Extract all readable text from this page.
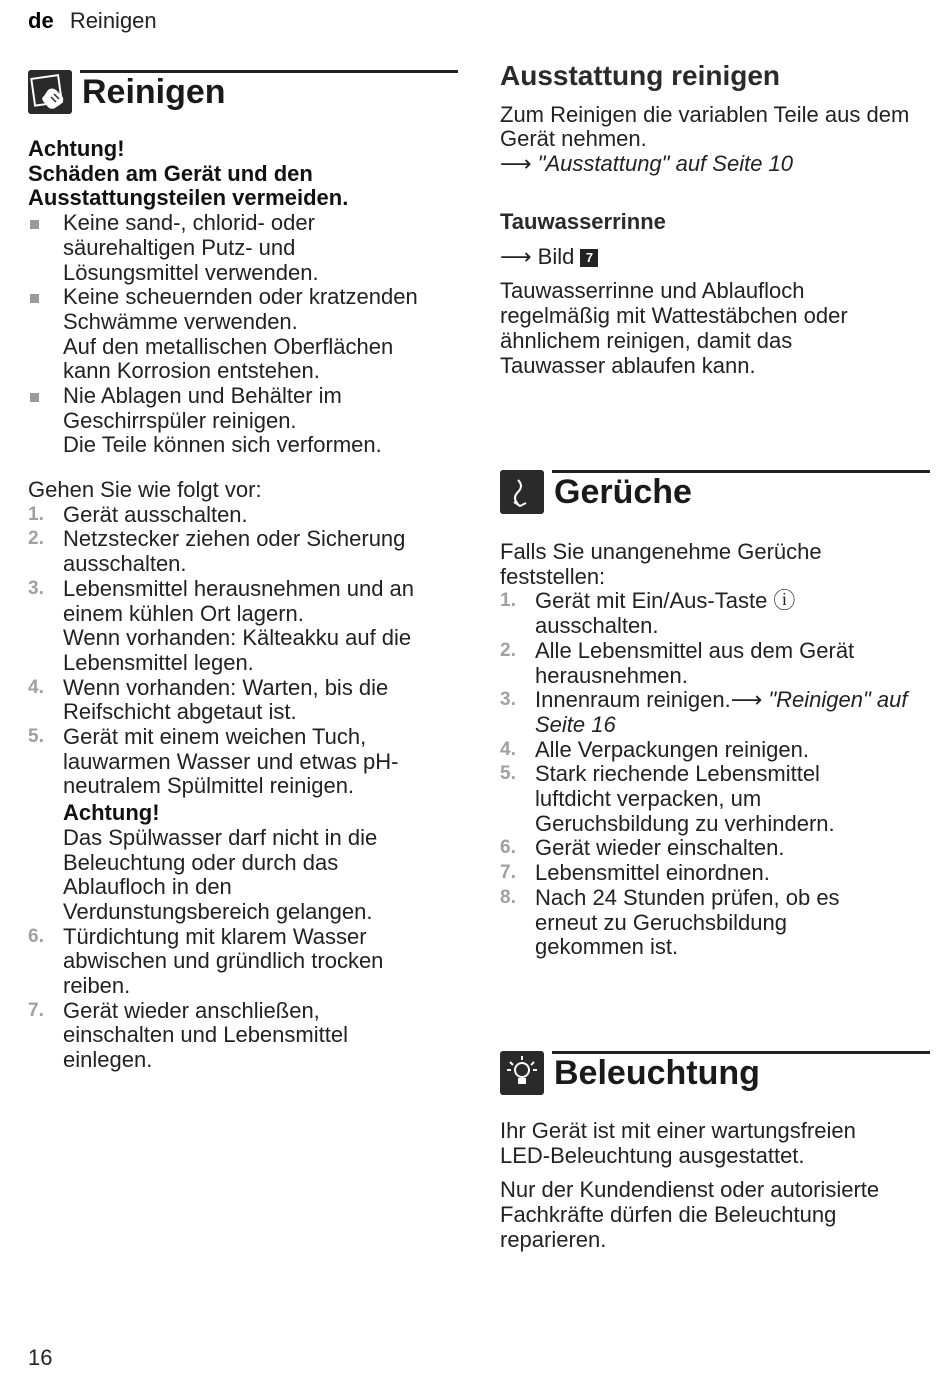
de Reinigen
Reinigen

Achtung!

Schäden am Gerät und den Ausstattungsteilen vermeiden.

Keine sand-, chlorid- oder säurehaltigen Putz- und Lösungsmittel verwenden.
Keine scheuernden oder kratzenden Schwämme verwenden.

Auf den metallischen Oberflächen kann Korrosion entstehen.
Nie Ablagen und Behälter im Geschirrspüler reinigen.
Die Teile können sich verformen.

Gehen Sie wie folgt vor:

1. Gerät ausschalten.
2. Netzstecker ziehen oder Sicherung ausschalten.
3. Lebensmittel herausnehmen und an einem kühlen Ort lagern.
Wenn vorhanden: Kälteakku auf die Lebensmittel legen.
4. Wenn vorhanden: Warten, bis die Reifschicht abgetaut ist.
5. Gerät mit einem weichen Tuch, lauwarmen Wasser und etwas pH-neutralem Spülmittel reinigen.
Achtung!

Das Spülwasser darf nicht in die Beleuchtung oder durch das Ablaufloch in den Verdunstungsbereich gelangen.
6. Türdichtung mit klarem Wasser abwischen und gründlich trocken reiben.
7. Gerät wieder anschließen, einschalten und Lebensmittel einlegen.
Ausstattung reinigen

Zum Reinigen die variablen Teile aus dem Gerät nehmen.

⟶ "Ausstattung" auf Seite 10

Tauwasserrinne

⟶ Bild 7

Tauwasserrinne und Ablaufloch regelmäßig mit Wattestäbchen oder ähnlichem reinigen, damit das Tauwasser ablaufen kann.

Gerüche

Falls Sie unangenehme Gerüche feststellen:

1. Gerät mit Ein/Aus-Taste ⓘ ausschalten.
2. Alle Lebensmittel aus dem Gerät herausnehmen.
3. Innenraum reinigen.⟶ "Reinigen" auf Seite 16
4. Alle Verpackungen reinigen.
5. Stark riechende Lebensmittel luftdicht verpacken, um Geruchsbildung zu verhindern.
6. Gerät wieder einschalten.
7. Lebensmittel einordnen.
8. Nach 24 Stunden prüfen, ob es erneut zu Geruchsbildung gekommen ist.
Beleuchtung

Ihr Gerät ist mit einer wartungsfreien LED-Beleuchtung ausgestattet.

Nur der Kundendienst oder autorisierte Fachkräfte dürfen die Beleuchtung reparieren.

16
